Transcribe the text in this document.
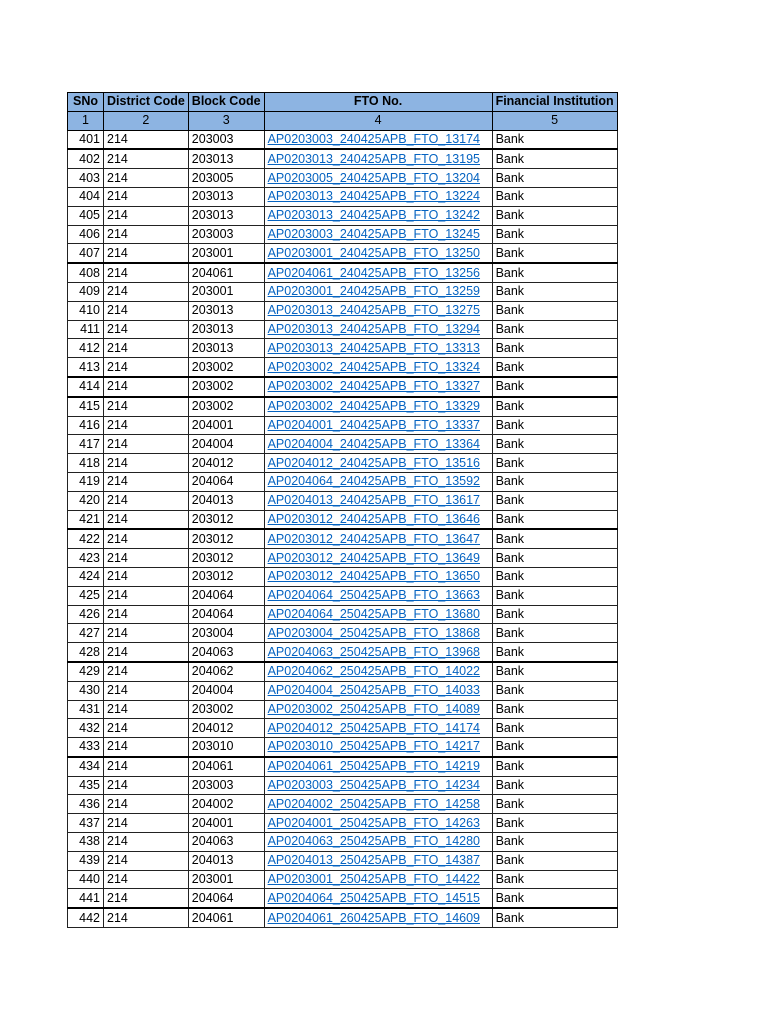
SNo	District Code	Block Code	FTO No.	Financial Institution
1	2	3	4	5
401	214	203003	AP0203003_240425APB_FTO_13174	Bank
402	214	203013	AP0203013_240425APB_FTO_13195	Bank
403	214	203005	AP0203005_240425APB_FTO_13204	Bank
404	214	203013	AP0203013_240425APB_FTO_13224	Bank
405	214	203013	AP0203013_240425APB_FTO_13242	Bank
406	214	203003	AP0203003_240425APB_FTO_13245	Bank
407	214	203001	AP0203001_240425APB_FTO_13250	Bank
408	214	204061	AP0204061_240425APB_FTO_13256	Bank
409	214	203001	AP0203001_240425APB_FTO_13259	Bank
410	214	203013	AP0203013_240425APB_FTO_13275	Bank
411	214	203013	AP0203013_240425APB_FTO_13294	Bank
412	214	203013	AP0203013_240425APB_FTO_13313	Bank
413	214	203002	AP0203002_240425APB_FTO_13324	Bank
414	214	203002	AP0203002_240425APB_FTO_13327	Bank
415	214	203002	AP0203002_240425APB_FTO_13329	Bank
416	214	204001	AP0204001_240425APB_FTO_13337	Bank
417	214	204004	AP0204004_240425APB_FTO_13364	Bank
418	214	204012	AP0204012_240425APB_FTO_13516	Bank
419	214	204064	AP0204064_240425APB_FTO_13592	Bank
420	214	204013	AP0204013_240425APB_FTO_13617	Bank
421	214	203012	AP0203012_240425APB_FTO_13646	Bank
422	214	203012	AP0203012_240425APB_FTO_13647	Bank
423	214	203012	AP0203012_240425APB_FTO_13649	Bank
424	214	203012	AP0203012_240425APB_FTO_13650	Bank
425	214	204064	AP0204064_250425APB_FTO_13663	Bank
426	214	204064	AP0204064_250425APB_FTO_13680	Bank
427	214	203004	AP0203004_250425APB_FTO_13868	Bank
428	214	204063	AP0204063_250425APB_FTO_13968	Bank
429	214	204062	AP0204062_250425APB_FTO_14022	Bank
430	214	204004	AP0204004_250425APB_FTO_14033	Bank
431	214	203002	AP0203002_250425APB_FTO_14089	Bank
432	214	204012	AP0204012_250425APB_FTO_14174	Bank
433	214	203010	AP0203010_250425APB_FTO_14217	Bank
434	214	204061	AP0204061_250425APB_FTO_14219	Bank
435	214	203003	AP0203003_250425APB_FTO_14234	Bank
436	214	204002	AP0204002_250425APB_FTO_14258	Bank
437	214	204001	AP0204001_250425APB_FTO_14263	Bank
438	214	204063	AP0204063_250425APB_FTO_14280	Bank
439	214	204013	AP0204013_250425APB_FTO_14387	Bank
440	214	203001	AP0203001_250425APB_FTO_14422	Bank
441	214	204064	AP0204064_250425APB_FTO_14515	Bank
442	214	204061	AP0204061_260425APB_FTO_14609	Bank
